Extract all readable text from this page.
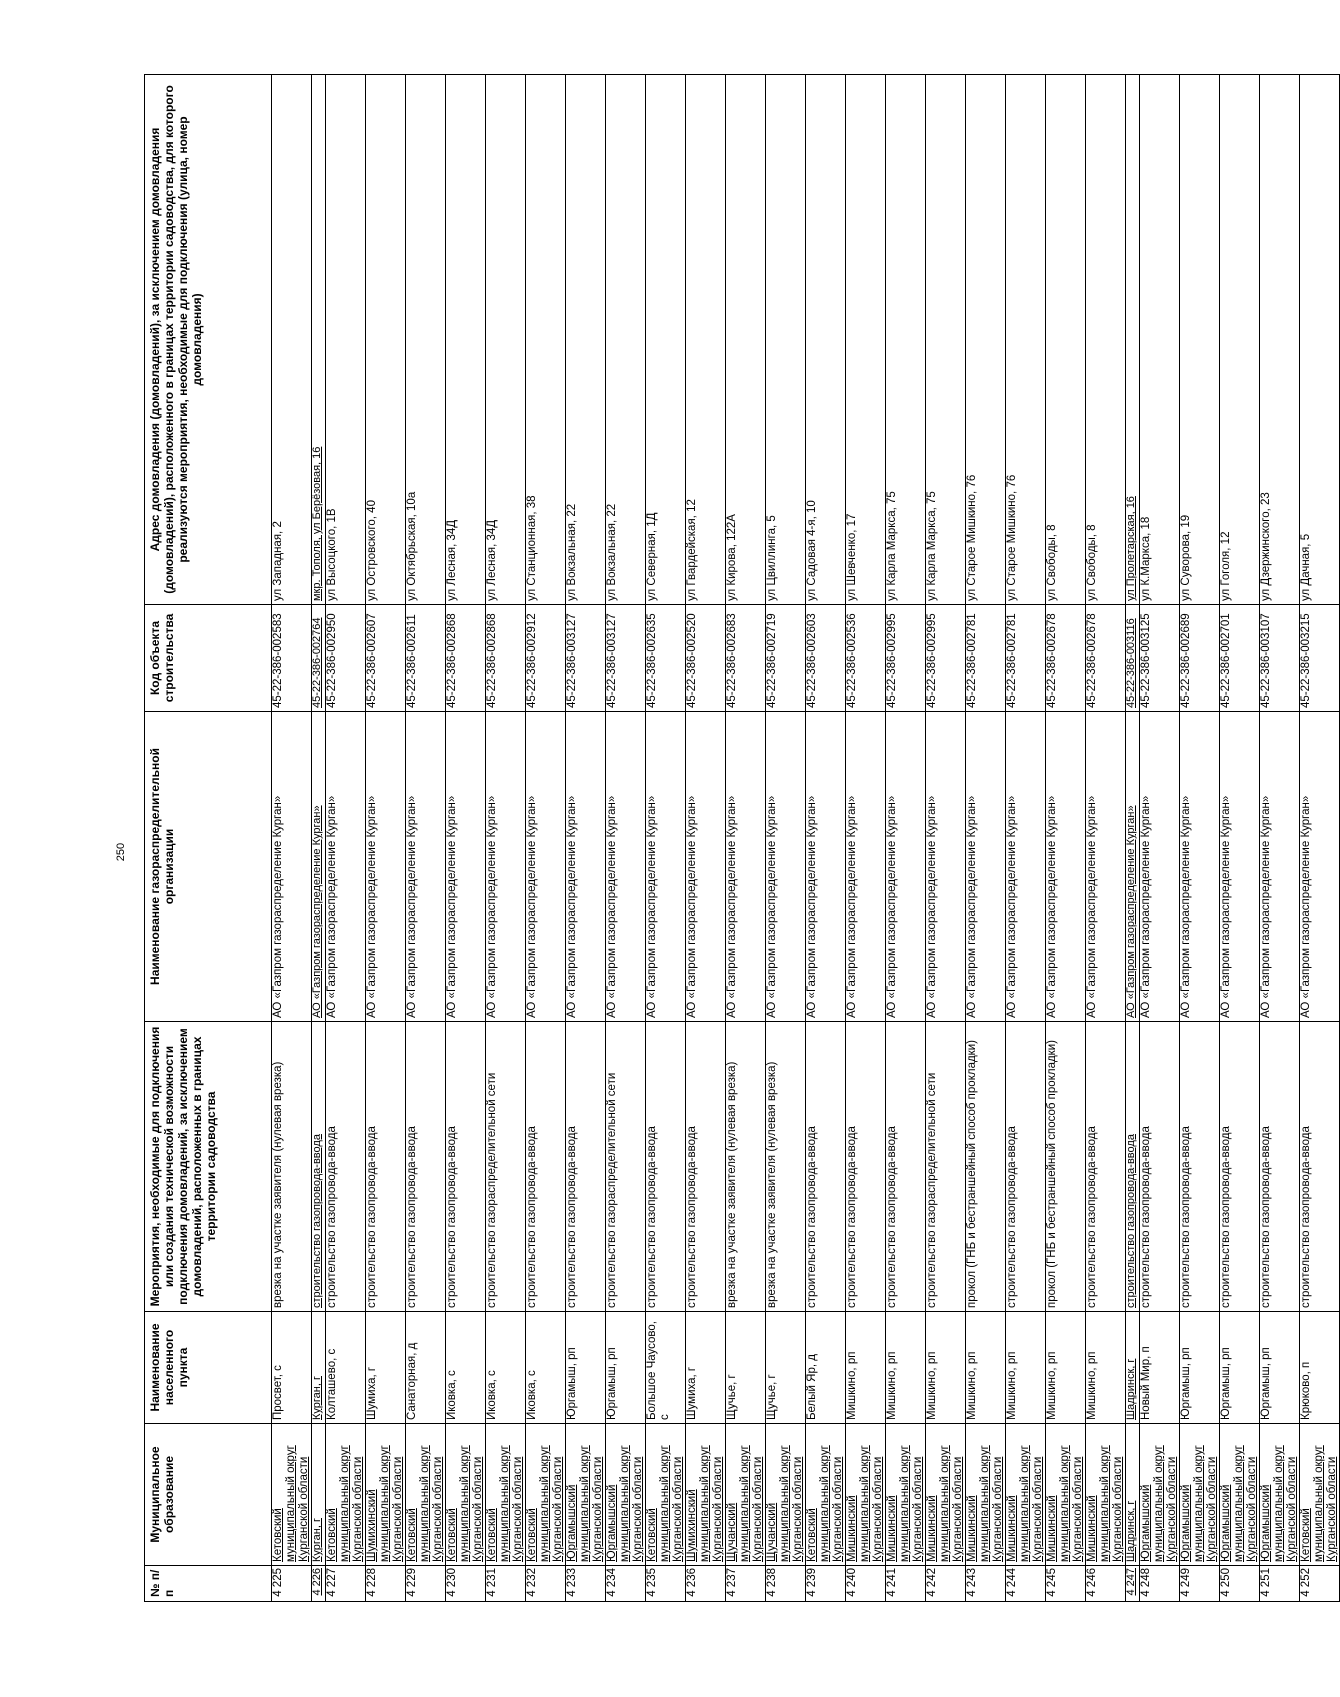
250
№ п/п	Муниципальное образование	Наименование населенного пункта	Мероприятия, необходимые для подключения или создания технической возможности подключения домовладений, за исключением домовладений, расположенных в границах территории садоводства	Наименование газораспределительной организации	Код объекта строительства	Адрес домовладения (домовладений), за исключением домовладения (домовладений), расположенного в границах территории садоводства, для которого реализуются мероприятия, необходимые для подключения (улица, номер домовладения)
4 225	Кетовский муниципальный округ Курганской области	Просвет, с	врезка на участке заявителя (нулевая врезка)	АО «Газпром газораспределение Курган»	45-22-386-002583	ул Западная, 2
4 226	Курган, г	Курган, г	строительство газопровода-ввода	АО «Газпром газораспределение Курган»	45-22-386-002764	мкр. Тополя, ул Берёзовая, 16
4 227	Кетовский муниципальный округ Курганской области	Колташево, с	строительство газопровода-ввода	АО «Газпром газораспределение Курган»	45-22-386-002950	ул Высоцкого, 1В
4 228	Шумихинский муниципальный округ Курганской области	Шумиха, г	строительство газопровода-ввода	АО «Газпром газораспределение Курган»	45-22-386-002607	ул Островского, 40
4 229	Кетовский муниципальный округ Курганской области	Санаторная, д	строительство газопровода-ввода	АО «Газпром газораспределение Курган»	45-22-386-002611	ул Октябрьская, 10а
4 230	Кетовский муниципальный округ Курганской области	Иковка, с	строительство газопровода-ввода	АО «Газпром газораспределение Курган»	45-22-386-002868	ул Лесная, 34Д
4 231	Кетовский муниципальный округ Курганской области	Иковка, с	строительство газораспределительной сети	АО «Газпром газораспределение Курган»	45-22-386-002868	ул Лесная, 34Д
4 232	Кетовский муниципальный округ Курганской области	Иковка, с	строительство газопровода-ввода	АО «Газпром газораспределение Курган»	45-22-386-002912	ул Станционная, 38
4 233	Юргамышский муниципальный округ Курганской области	Юргамыш, рп	строительство газопровода-ввода	АО «Газпром газораспределение Курган»	45-22-386-003127	ул Вокзальная, 22
4 234	Юргамышский муниципальный округ Курганской области	Юргамыш, рп	строительство газораспределительной сети	АО «Газпром газораспределение Курган»	45-22-386-003127	ул Вокзальная, 22
4 235	Кетовский муниципальный округ Курганской области	Большое Чаусово, с	строительство газопровода-ввода	АО «Газпром газораспределение Курган»	45-22-386-002635	ул Северная, 1Д
4 236	Шумихинский муниципальный округ Курганской области	Шумиха, г	строительство газопровода-ввода	АО «Газпром газораспределение Курган»	45-22-386-002520	ул Гвардейская, 12
4 237	Щучанский муниципальный округ Курганской области	Щучье, г	врезка на участке заявителя (нулевая врезка)	АО «Газпром газораспределение Курган»	45-22-386-002683	ул Кирова, 122А
4 238	Щучанский муниципальный округ Курганской области	Щучье, г	врезка на участке заявителя (нулевая врезка)	АО «Газпром газораспределение Курган»	45-22-386-002719	ул Цвиллинга, 5
4 239	Кетовский муниципальный округ Курганской области	Белый Яр, д	строительство газопровода-ввода	АО «Газпром газораспределение Курган»	45-22-386-002603	ул Садовая 4-я, 10
4 240	Мишкинский муниципальный округ Курганской области	Мишкино, рп	строительство газопровода-ввода	АО «Газпром газораспределение Курган»	45-22-386-002536	ул Шевченко, 17
4 241	Мишкинский муниципальный округ Курганской области	Мишкино, рп	строительство газопровода-ввода	АО «Газпром газораспределение Курган»	45-22-386-002995	ул Карла Маркса, 75
4 242	Мишкинский муниципальный округ Курганской области	Мишкино, рп	строительство газораспределительной сети	АО «Газпром газораспределение Курган»	45-22-386-002995	ул Карла Маркса, 75
4 243	Мишкинский муниципальный округ Курганской области	Мишкино, рп	прокол (ГНБ и бестраншейный способ прокладки)	АО «Газпром газораспределение Курган»	45-22-386-002781	ул Старое Мишкино, 76
4 244	Мишкинский муниципальный округ Курганской области	Мишкино, рп	строительство газопровода-ввода	АО «Газпром газораспределение Курган»	45-22-386-002781	ул Старое Мишкино, 76
4 245	Мишкинский муниципальный округ Курганской области	Мишкино, рп	прокол (ГНБ и бестраншейный способ прокладки)	АО «Газпром газораспределение Курган»	45-22-386-002678	ул Свободы, 8
4 246	Мишкинский муниципальный округ Курганской области	Мишкино, рп	строительство газопровода-ввода	АО «Газпром газораспределение Курган»	45-22-386-002678	ул Свободы, 8
4 247	Шадринск, г	Шадринск, г	строительство газопровода-ввода	АО «Газпром газораспределение Курган»	45-22-386-003116	ул Пролетарская, 16
4 248	Юргамышский муниципальный округ Курганской области	Новый Мир, п	строительство газопровода-ввода	АО «Газпром газораспределение Курган»	45-22-386-003125	ул К.Маркса, 18
4 249	Юргамышский муниципальный округ Курганской области	Юргамыш, рп	строительство газопровода-ввода	АО «Газпром газораспределение Курган»	45-22-386-002689	ул Суворова, 19
4 250	Юргамышский муниципальный округ Курганской области	Юргамыш, рп	строительство газопровода-ввода	АО «Газпром газораспределение Курган»	45-22-386-002701	ул Гоголя, 12
4 251	Юргамышский муниципальный округ Курганской области	Юргамыш, рп	строительство газопровода-ввода	АО «Газпром газораспределение Курган»	45-22-386-003107	ул Дзержинского, 23
4 252	Кетовский муниципальный округ Курганской области	Крюково, п	строительство газопровода-ввода	АО «Газпром газораспределение Курган»	45-22-386-003215	ул Дачная, 5
